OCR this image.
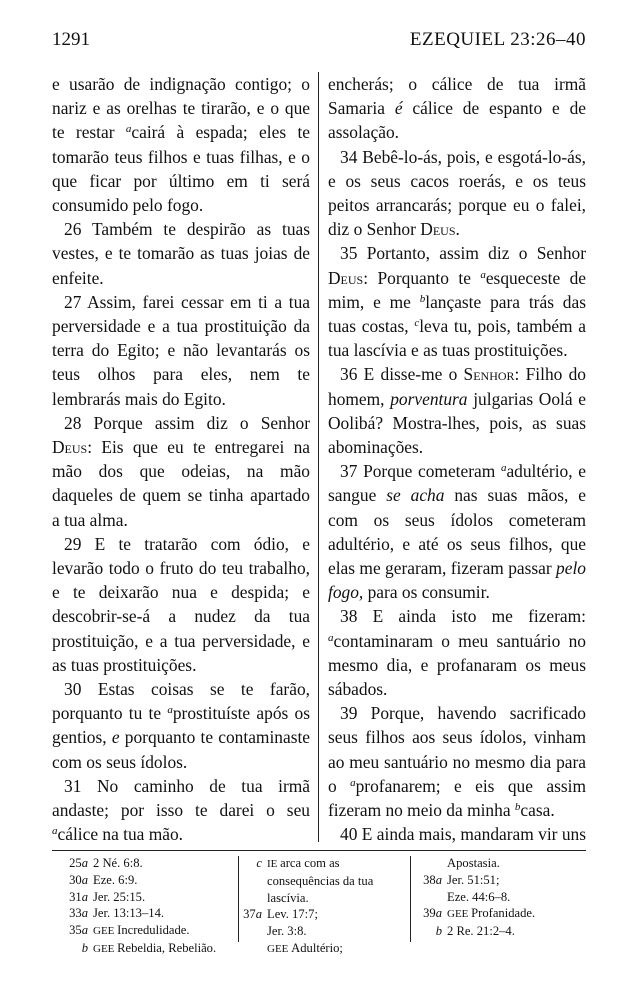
1291	EZEQUIEL 23:26–40

e usarão de indignação contigo; o nariz e as orelhas te tirarão, e o que te restar $^a$cairá à espada; eles te tomarão teus filhos e tuas filhas, e o que ficar por último em ti será consumido pelo fogo.

26 Também te despirão as tuas vestes, e te tomarão as tuas joias de enfeite.

27 Assim, farei cessar em ti a tua perversidade e a tua prostituição da terra do Egito; e não levantarás os teus olhos para eles, nem te lembrarás mais do Egito.

28 Porque assim diz o Senhor Deus: Eis que eu te entregarei na mão dos que odeias, na mão daqueles de quem se tinha apartado a tua alma.

29 E te tratarão com ódio, e levarão todo o fruto do teu trabalho, e te deixarão nua e despida; e descobrir-se-á a nudez da tua prostituição, e a tua perversidade, e as tuas prostituições.

30 Estas coisas se te farão, porquanto tu te $^a$prostituíste após os gentios, e porquanto te contaminaste com os seus ídolos.

31 No caminho de tua irmã andaste; por isso te darei o seu $^a$cálice na tua mão.

encherás; o cálice de tua irmã Samaria é cálice de espanto e de assolação.

34 Bebê-lo-ás, pois, e esgotá-lo-ás, e os seus cacos roerás, e os teus peitos arrancarás; porque eu o falei, diz o Senhor Deus.

35 Portanto, assim diz o Senhor Deus: Porquanto te $^a$esqueceste de mim, e me $^b$lançaste para trás das tuas costas, $^c$leva tu, pois, também a tua lascívia e as tuas prostituições.

36 E disse-me o Senhor: Filho do homem, porventura julgarias Oolá e Oolibá? Mostra-lhes, pois, as suas abominações.

37 Porque cometeram $^a$adultério, e sangue se acha nas suas mãos, e com os seus ídolos cometeram adultério, e até os seus filhos, que elas me geraram, fizeram passar pelo fogo, para os consumir.

38 E ainda isto me fizeram: $^a$contaminaram o meu santuário no mesmo dia, e profanaram os meus sábados.

39 Porque, havendo sacrificado seus filhos aos seus ídolos, vinham ao meu santuário no mesmo dia para o $^a$profanarem; e eis que assim fizeram no meio da minha $^b$casa.

40 E ainda mais, mandaram vir uns

25a 2 Né. 6:8.
30a Eze. 6:9.
31a Jer. 25:15.
33a Jer. 13:13–14.
35a GEE Incredulidade.
b GEE Rebeldia, Rebelião.
c IE arca com as consequências da tua lascívia.
37a Lev. 17:7;
Jer. 3:8.
GEE Adultério;
Apostasia.
38a Jer. 51:51;
Eze. 44:6–8.
39a GEE Profanidade.
b 2 Re. 21:2–4.
